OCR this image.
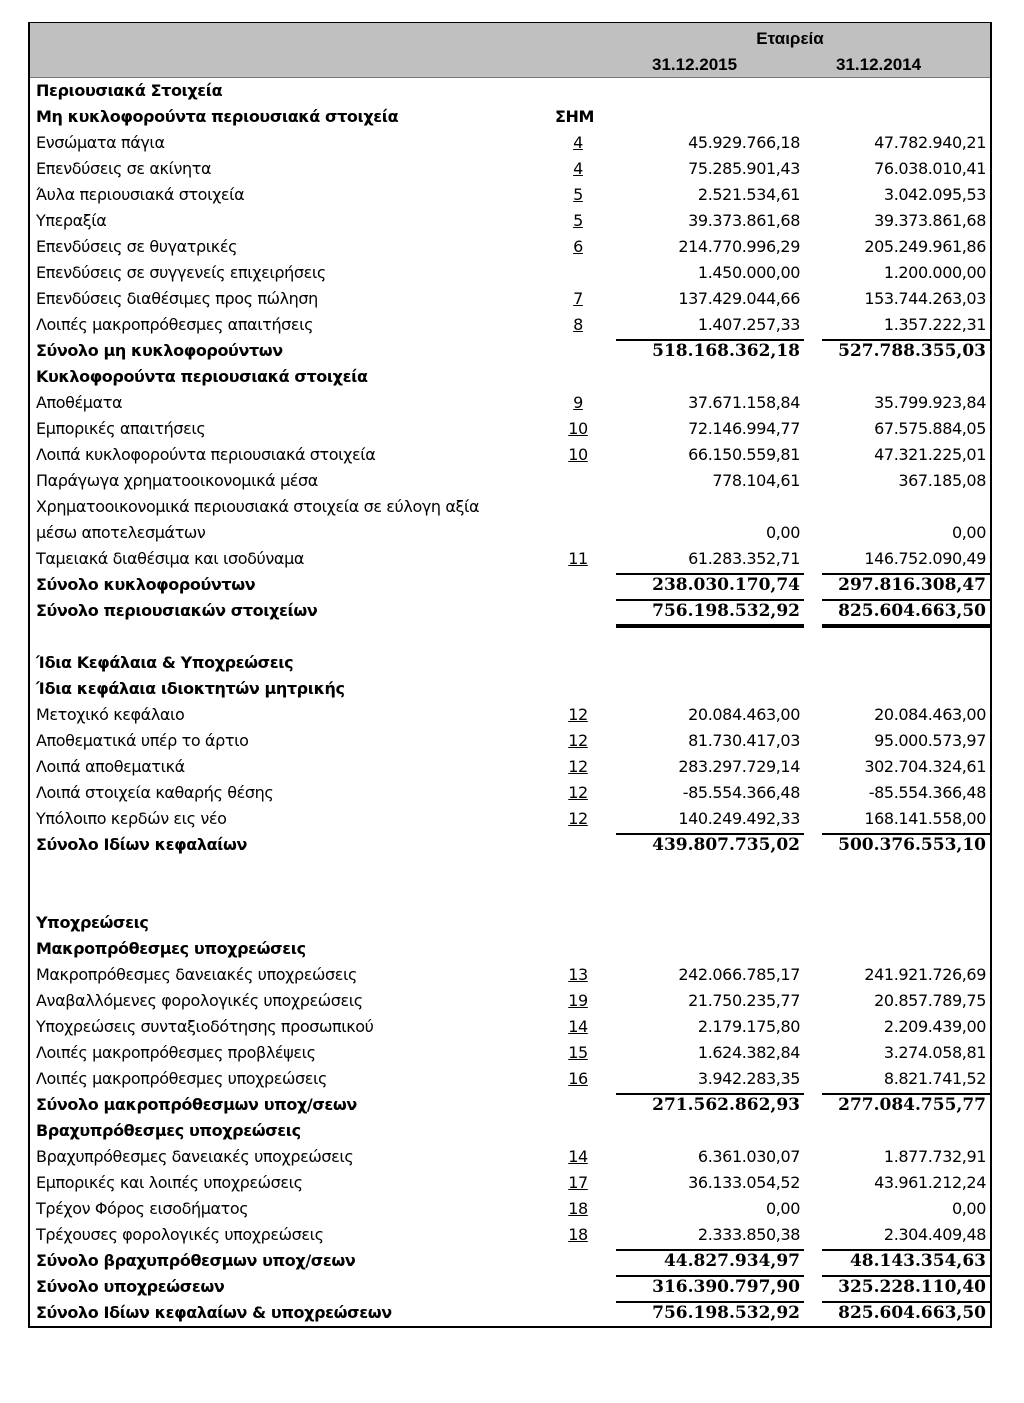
Εταιρεία
31.12.2015	31.12.2014
Περιουσιακά Στοιχεία
Μη κυκλοφορούντα περιουσιακά στοιχεία	ΣΗΜ
Ενσώματα πάγια	4	45.929.766,18	47.782.940,21
Επενδύσεις σε ακίνητα	4	75.285.901,43	76.038.010,41
Άυλα περιουσιακά στοιχεία	5	2.521.534,61	3.042.095,53
Υπεραξία	5	39.373.861,68	39.373.861,68
Επενδύσεις σε θυγατρικές	6	214.770.996,29	205.249.961,86
Επενδύσεις σε συγγενείς επιχειρήσεις	1.450.000,00	1.200.000,00
Επενδύσεις διαθέσιμες προς πώληση	7	137.429.044,66	153.744.263,03
Λοιπές μακροπρόθεσμες απαιτήσεις	8	1.407.257,33	1.357.222,31
Σύνολο μη κυκλοφορούντων	518.168.362,18	527.788.355,03
Κυκλοφορούντα περιουσιακά στοιχεία
Αποθέματα	9	37.671.158,84	35.799.923,84
Εμπορικές απαιτήσεις	10	72.146.994,77	67.575.884,05
Λοιπά κυκλοφορούντα περιουσιακά στοιχεία	10	66.150.559,81	47.321.225,01
Παράγωγα χρηματοοικονομικά μέσα	778.104,61	367.185,08
Χρηματοοικονομικά περιουσιακά στοιχεία σε εύλογη αξία
μέσω αποτελεσμάτων	0,00	0,00
Ταμειακά διαθέσιμα και ισοδύναμα	11	61.283.352,71	146.752.090,49
Σύνολο κυκλοφορούντων	238.030.170,74	297.816.308,47
Σύνολο περιουσιακών στοιχείων	756.198.532,92	825.604.663,50
Ίδια Κεφάλαια & Υποχρεώσεις
Ίδια κεφάλαια ιδιοκτητών μητρικής
Μετοχικό κεφάλαιο	12	20.084.463,00	20.084.463,00
Αποθεματικά υπέρ το άρτιο	12	81.730.417,03	95.000.573,97
Λοιπά αποθεματικά	12	283.297.729,14	302.704.324,61
Λοιπά στοιχεία καθαρής θέσης	12	-85.554.366,48	-85.554.366,48
Υπόλοιπο κερδών εις νέο	12	140.249.492,33	168.141.558,00
Σύνολο Ιδίων κεφαλαίων	439.807.735,02	500.376.553,10
Υποχρεώσεις
Μακροπρόθεσμες υποχρεώσεις
Μακροπρόθεσμες δανειακές υποχρεώσεις	13	242.066.785,17	241.921.726,69
Αναβαλλόμενες φορολογικές υποχρεώσεις	19	21.750.235,77	20.857.789,75
Υποχρεώσεις συνταξιοδότησης προσωπικού	14	2.179.175,80	2.209.439,00
Λοιπές μακροπρόθεσμες προβλέψεις	15	1.624.382,84	3.274.058,81
Λοιπές μακροπρόθεσμες υποχρεώσεις	16	3.942.283,35	8.821.741,52
Σύνολο μακροπρόθεσμων υποχ/σεων	271.562.862,93	277.084.755,77
Βραχυπρόθεσμες υποχρεώσεις
Βραχυπρόθεσμες δανειακές υποχρεώσεις	14	6.361.030,07	1.877.732,91
Εμπορικές και λοιπές υποχρεώσεις	17	36.133.054,52	43.961.212,24
Τρέχον Φόρος εισοδήματος	18	0,00	0,00
Τρέχουσες φορολογικές υποχρεώσεις	18	2.333.850,38	2.304.409,48
Σύνολο βραχυπρόθεσμων υποχ/σεων	44.827.934,97	48.143.354,63
Σύνολο υποχρεώσεων	316.390.797,90	325.228.110,40
Σύνολο Ιδίων κεφαλαίων & υποχρεώσεων	756.198.532,92	825.604.663,50
